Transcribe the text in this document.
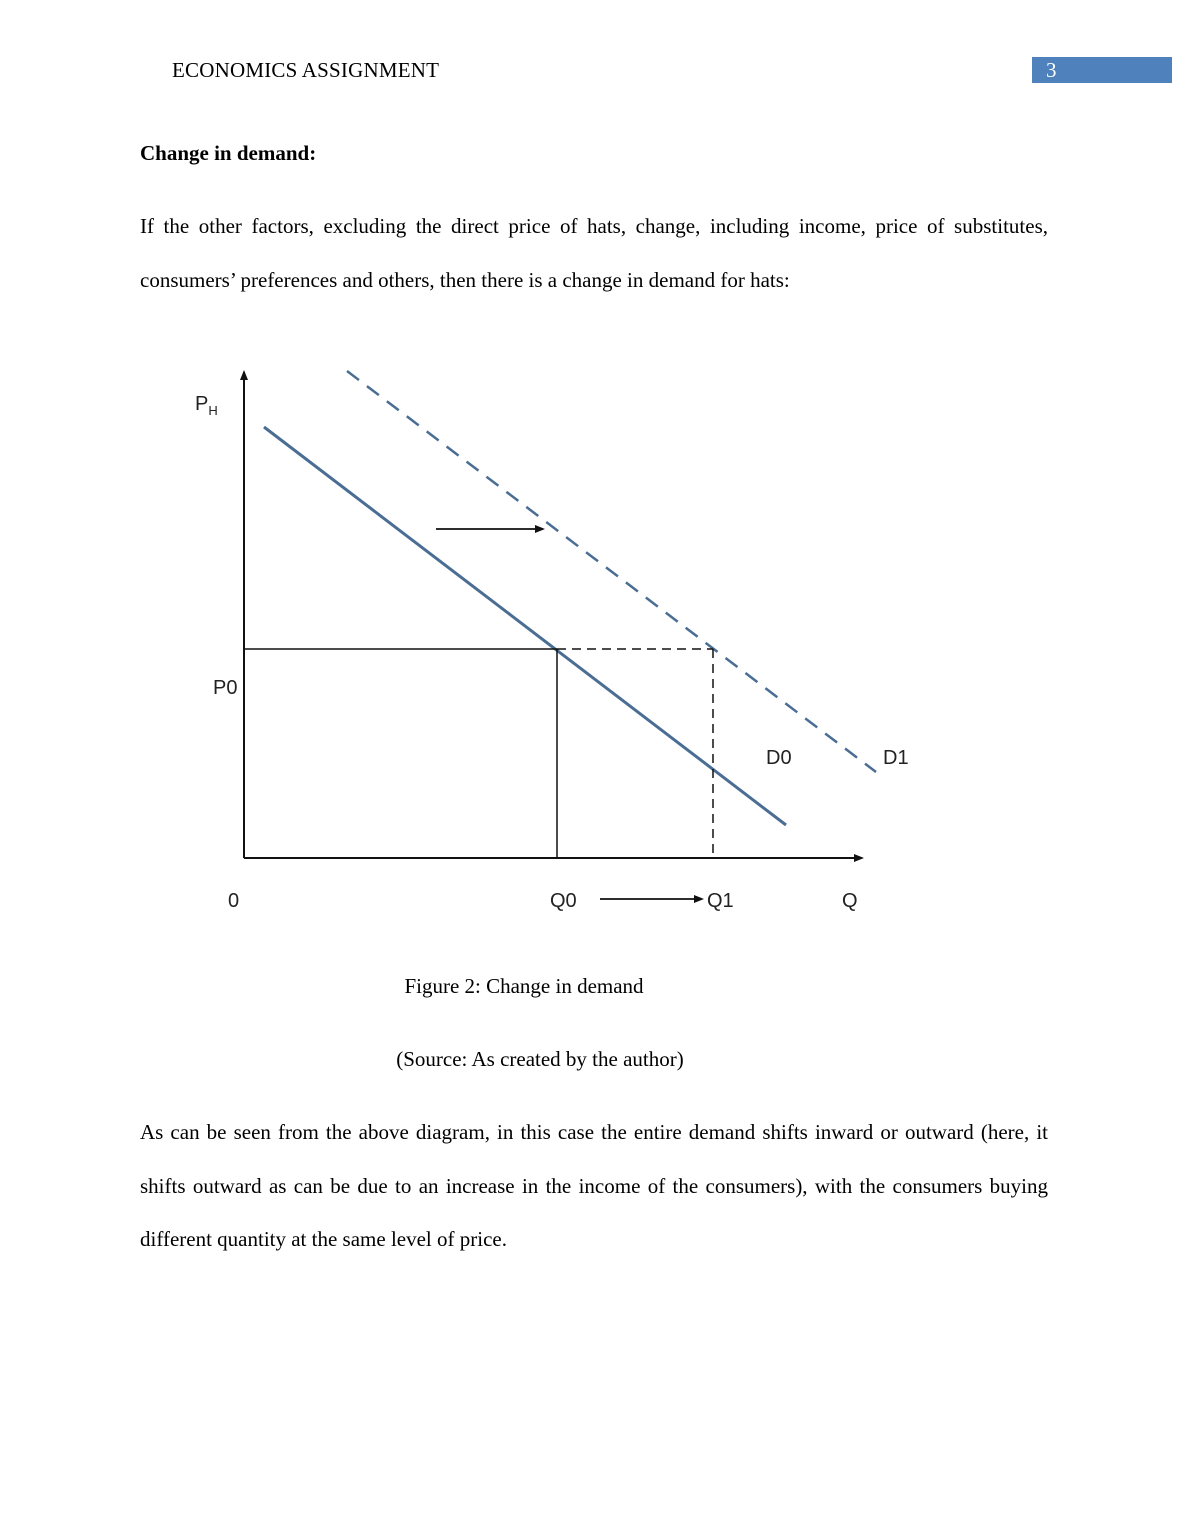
ECONOMICS ASSIGNMENT	3
Change in demand:
If the other factors, excluding the direct price of hats, change, including income, price of substitutes, consumers’ preferences and others, then there is a change in demand for hats:
$P_H$
P0
D0	D1
0	Q0	Q1	Q
Figure 2: Change in demand
(Source: As created by the author)
As can be seen from the above diagram, in this case the entire demand shifts inward or outward (here, it shifts outward as can be due to an increase in the income of the consumers), with the consumers buying different quantity at the same level of price.
